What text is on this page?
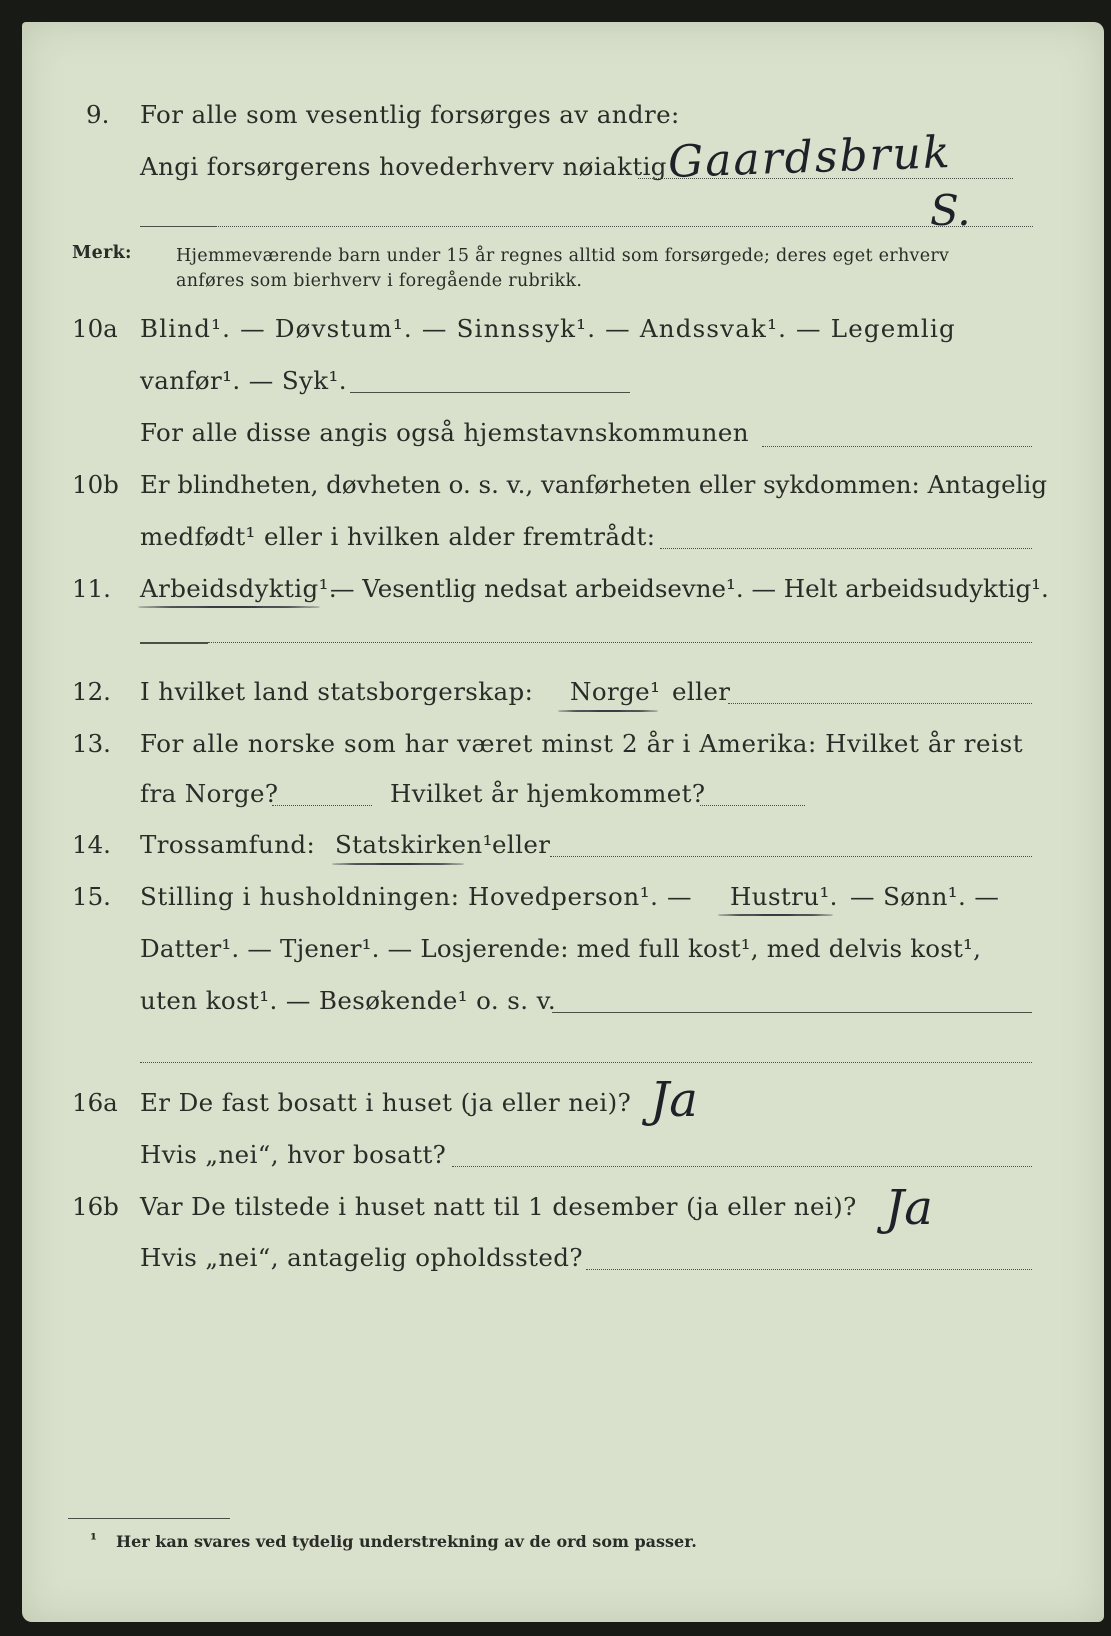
9. For alle som vesentlig forsørges av andre:
Angi forsørgerens hovederhverv nøiaktig Gaardsbruk
S.
Merk:	Hjemmeværende barn under 15 år regnes alltid som forsørgede; deres eget erhverv
anføres som bierhverv i foregående rubrikk.
10a Blind¹. — Døvstum¹. — Sinnssyk¹. — Andssvak¹. — Legemlig
vanfør¹. — Syk¹.
For alle disse angis også hjemstavnskommunen
10b Er blindheten, døvheten o. s. v., vanførheten eller sykdommen: Antagelig
medfødt¹ eller i hvilken alder fremtrådt:
11. Arbeidsdyktig¹.
— Vesentlig nedsat arbeidsevne¹. — Helt arbeidsudyktig¹.
12. I hvilket land statsborgerskap: Norge¹ eller
13. For alle norske som har været minst 2 år i Amerika: Hvilket år reist
fra Norge?	Hvilket år hjemkommet?
14. Trossamfund: Statskirken¹ eller
15. Stilling i husholdningen: Hovedperson¹. — Hustru¹. — Sønn¹. —
Datter¹. — Tjener¹. — Losjerende: med full kost¹, med delvis kost¹,
uten kost¹. — Besøkende¹ o. s. v.
16a Er De fast bosatt i huset (ja eller nei)? Ja
Hvis „nei“, hvor bosatt?
16b Var De tilstede i huset natt til 1 desember (ja eller nei)? Ja
Hvis „nei“, antagelig opholdssted?
¹ Her kan svares ved tydelig understrekning av de ord som passer.
